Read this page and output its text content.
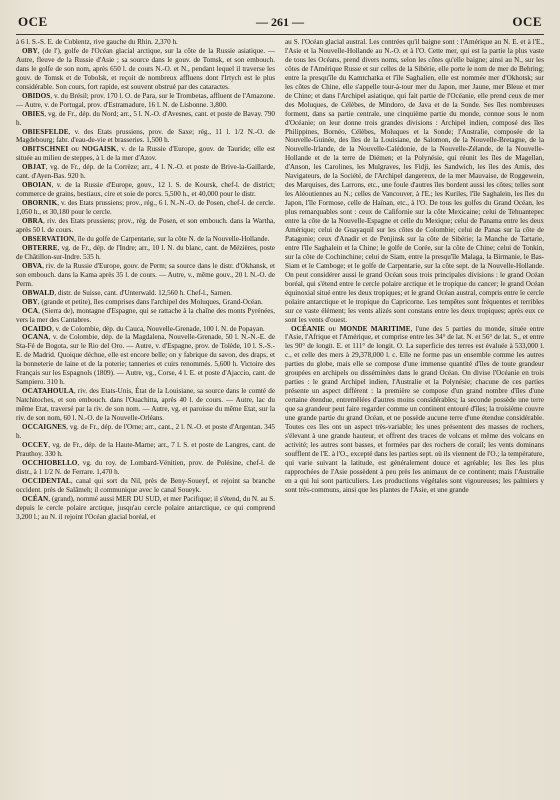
OCE	— 261 —	OCE

à 6 l. S.-S. E. de Coblentz, rive gauche du Rhin. 2,370 h.

OBY, (de l'), golfe de l'Océan glacial arctique, sur la côte de la Russie asiatique. — Autre, fleuve de la Russie d'Asie ; sa source dans le gouv. de Tomsk, et son embouch. dans le golfe de son nom, après 650 l. de cours N.-O. et N., pendant lequel il traverse les gouv. de Tomsk et de Tobolsk, et reçoit de nombreux affluens dont l'Irtych est le plus considérable. Son cours, fort rapide, est souvent obstrué par des cataractes.

OBIDOS, v. du Brésil; prov. 170 l. O. de Para, sur le Trombetas, affluent de l'Amazone. — Autre, v. de Portugal, prov. d'Estramadure, 16 l. N. de Lisbonne. 3,800.

OBIES, vg. de Fr., dép. du Nord; arr., 5 l. N.-O. d'Avesnes, cant. et poste de Bavay. 790 h.

OBIESFELDE, v. des Etats prussiens, prov. de Saxe; rég., 11 l. 1/2 N.-O. de Magdebourg; fabr. d'eau-de-vie et brasseries. 1,500 h.

OBITSCHNEI ou NOGAISK, v. de la Russie d'Europe, gouv. de Tauride; elle est située au milieu de steppes, à l. de la mer d'Azov.

OBJAT, vg. de Fr., dép. de la Corrèze; arr., 4 l. N.-O. et poste de Brive-la-Gaillarde, cant. d'Ayen-Bas. 920 h.

OBOIAN, v. de la Russie d'Europe, gouv., 12 l. S. de Koursk, chef-l. de district; commerce de grains, bestiaux, cire et soie de porcs. 5,500 h., et 40,000 pour le distr.

OBORNIK, v. des Etats prussiens; prov., rég., 6 l. N.-N.-O. de Posen, chef-l. de cercle. 1,050 h., et 30,180 pour le cercle.

OBRA, riv. des Etats prussiens; prov., rég. de Posen, et son embouch. dans la Wartha, après 50 l. de cours.

OBSERVATION, île du golfe de Carpentarie, sur la côte N. de la Nouvelle-Hollande.

OBTERRE, vg. de Fr., dép. de l'Indre; arr., 10 l. N. du blanc, cant. de Mézières, poste de Châtillon-sur-Indre. 535 h.

OBVA, riv. de la Russie d'Europe, gouv. de Perm; sa source dans le distr. d'Okhansk, et son embouch. dans la Kama après 35 l. de cours. — Autre, v., même gouv., 20 l. N.-O. de Perm.

OBWALD, distr. de Suisse, cant. d'Unterwald. 12,560 h. Chef-l., Sarnen.

OBY, (grande et petite), îles comprises dans l'archipel des Moluques, Grand-Océan.

OCA, (Sierra de), montagne d'Espagne, qui se rattache à la chaîne des monts Pyrénées, vers la mer des Cantabres.

OCAIDO, v. de Colombie, dép. du Cauca, Nouvelle-Grenade, 100 l. N. de Popayan.

OCANA, v. de Colombie, dép. de la Magdalena, Nouvelle-Grenade, 50 l. N.-N.-E. de Sta-Fé de Bogota, sur le Rio del Oro. — Autre, v. d'Espagne, prov. de Tolède, 10 l. S.-S.-E. de Madrid. Quoique déchue, elle est encore belle; on y fabrique du savon, des draps, et la bonneterie de laine et de la poterie; tanneries et cuirs renommés. 5,600 h. Victoire des Français sur les Espagnols (1809). — Autre, vg., Corse, 4 l. E. et poste d'Ajaccio, cant. de Sampiero. 310 h.

OCATAHOULA, riv. des Etats-Unis, État de la Louisiane, sa source dans le comté de Natchitoches, et son embouch. dans l'Ouachitta, après 40 l. de cours. — Autre, lac du même Etat, traversé par la riv. de son nom. — Autre, vg. et paroisse du même Etat, sur la riv. de son nom, 60 l. N.-O. de la Nouvelle-Orléans.

OCCAIGNES, vg. de Fr., dép. de l'Orne; arr., cant., 2 l. N.-O. et poste d'Argentan. 345 h.

OCCEY, vg. de Fr., dép. de la Haute-Marne; arr., 7 l. S. et poste de Langres, cant. de Prauthoy. 330 h.

OCCHIOBELLO, vg. du roy. de Lombard-Vénitien, prov. de Polésine, chef-l. de distr., à 1 1/2 N. de Ferrare. 1,470 h.

OCCIDENTAL, canal qui sort du Nil, près de Beny-Soueyf, et rejoint sa branche occident. près de Salâmeh; il communique avec le canal Soueyk.

OCÉAN, (grand), nommé aussi MER DU SUD, et mer Pacifique; il s'étend, du N. au S. depuis le cercle polaire arctique, jusqu'au cercle polaire antarctique, ce qui comprend 3,200 l.; au N. il rejoint l'Océan glacial boréal, et

au S. l'Océan glacial austral. Les contrées qu'il baigne sont : l'Amérique au N. E. et à l'E., l'Asie et la Nouvelle-Hollande au N.-O. et à l'O. Cette mer, qui est la partie la plus vaste de tous les Océans, prend divers noms, selon les côtes qu'elle baigne; ainsi au N., sur les côtes de l'Amérique Russe et sur celles de la Sibérie, elle porte le nom de mer de Behring; entre la presqu'île du Kamtchatka et l'île Saghalien, elle est nommée mer d'Okhotsk; sur les côtes de Chine, elle s'appelle tour-à-tour mer du Japon, mer Jaune, mer Bleue et mer de Chine; et dans l'Archipel asiatique, qui fait partie de l'Océanie, elle prend ceux de mer des Moluques, de Célèbes, de Mindoro, de Java et de la Sonde. Ses îles nombreuses forment, dans sa partie centrale, une cinquième partie du monde, connue sous le nom d'Océanie; on leur donne trois grandes divisions : Archipel indien, composé des îles Philippines, Bornéo, Célèbes, Moluques et la Sonde; l'Australie, composée de la Nouvelle-Guinée, des îles de la Louisiane, de Salomon, de la Nouvelle-Bretagne, de la Nouvelle-Irlande, de la Nouvelle-Calédonie, de la Nouvelle-Zélande, de la Nouvelle-Hollande et de la terre de Diémen; et la Polynésie, qui réunit les îles de Magellan, d'Anson, les Carolines, les Mulgraves, les Fidji, les Sandwich, les îles des Amis, des Navigateurs, de la Société, de l'Archipel dangereux, de la mer Mauvaise, de Roggewein, des Marquises, des Larrons, etc., une foule d'autres îles bordent aussi les côtes; telles sont les Aléoutiennes au N.; celles de Vancouver, à l'E.; les Kuriles, l'île Saghalein, les îles du Japon, l'île Formose, celle de Haïnan, etc., à l'O. De tous les golfes du Grand Océan, les plus remarquables sont : ceux de Californie sur la côte Mexicaine; celui de Tehuantepec entre la côte de la Nouvelle-Espagne et celle du Mexique; celui de Panama entre les deux Amérique; celui de Guayaquil sur les côtes de Colombie; celui de Panas sur la côte de Patagonie; ceux d'Anadir et de Penjinsk sur la côte de Sibérie; la Manche de Tartarie, entre l'île Saghalein et la Chine; le golfe de Corée, sur la côte de Chine; celui de Tonkin, sur la côte de Cochinchine; celui de Siam, entre la presqu'île Malaga, la Birmanie, le Bas-Siam et le Camboge; et le golfe de Carpentarie, sur la côte sept. de la Nouvelle-Hollande. On peut considérer aussi le grand Océan sous trois principales divisions : le grand Océan boréal, qui s'étend entre le cercle polaire arctique et le tropique du cancer; le grand Océan équinoxial situé entre les deux tropiques; et le grand Océan austral, compris entre le cercle polaire antarctique et le tropique du Capricorne. Les tempêtes sont fréquentes et terribles sur ce vaste élément; les vents alizés sont constans entre les deux tropiques; après eux ce sont les vents d'ouest.

OCÉANIE ou MONDE MARITIME, l'une des 5 parties du monde, située entre l'Asie, l'Afrique et l'Amérique, et comprise entre les 34° de lat. N. et 56° de lat. S., et entre les 90° de longit. E. et 111° de longit. O. La superficie des terres est évaluée à 533,000 l. c., et celle des mers à 29,378,000 l. c. Elle ne forme pas un ensemble comme les autres parties du globe, mais elle se compose d'une immense quantité d'îles de toute grandeur groupées en archipels ou disséminées dans le grand Océan. On divise l'Océanie en trois parties : le grand Archipel indien, l'Australie et la Polynésie; chacune de ces parties présente un aspect différent : la première se compose d'un grand nombre d'îles d'une certaine étendue, entremêlées d'autres moins considérables; la seconde possède une terre que sa grandeur peut faire regarder comme un continent entouré d'îles; la troisième couvre une grande partie du grand Océan, et ne possède aucune terre d'une étendue considérable. Toutes ces îles ont un aspect très-variable; les unes présentent des masses de rochers, s'élevant à une grande hauteur, et offrent des traces de volcans et même des volcans en activité; les autres sont basses, et formées par des rochers de corail; les vents dominans soufflent de l'E. à l'O., excepté dans les parties sept. où ils viennent de l'O.; la température, qui varie suivant la latitude, est généralement douce et agréable; les îles les plus rapprochées de l'Asie possèdent à peu près les animaux de ce continent; mais l'Australie en a qui lui sont particuliers. Les productions végétales sont vigoureuses; les palmiers y sont très-communs, ainsi que les plantes de l'Asie, et une grande
